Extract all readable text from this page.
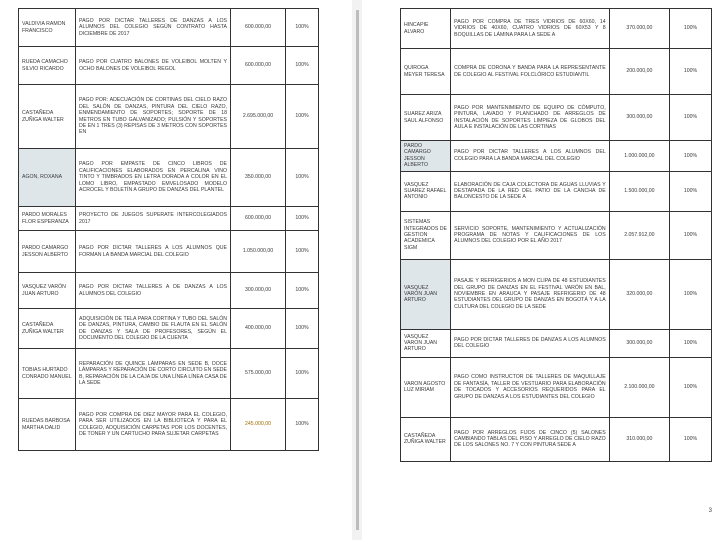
VALDIVIA RAMON FRANCISCO	PAGO POR DICTAR TALLERES DE DANZAS A LOS ALUMNOS DEL COLEGIO SEGÚN CONTRATO HASTA DICIEMBRE DE 2017	600.000,00	100%
RUEDA CAMACHO SILVIO RICARDO	PAGO POR CUATRO BALONES DE VOLEIBOL MOLTEN Y OCHO BALONES DE VOLEIBOL REGOL	600.000,00	100%
CASTAÑEDA ZUÑIGA WALTER	PAGO POR: ADECUACIÓN DE CORTINAS DEL CIELO RAZO DEL SALÓN DE DANZAS, PINTURA DEL CIELO RAZO, ENMENDAMIENTO DE SOPORTES; SOPORTE DE 18 METROS EN TUBO GALVANIZADO; PULSIÓN Y SOPORTES DE EN 1 TRES (3) REPISAS DE 3 METROS CON SOPORTES EN	2.695.000,00	100%
AGON, ROXANA	PAGO POR EMPASTE DE CINCO LIBROS DE CALIFICACIONES ELABORADOS EN PERCALINA VINO TINTO Y TIMBRADOS EN LETRA DORADA A COLOR EN EL LOMO LIBRO, EMPASTADO EMVELOSADO MODELO ACROCEL Y BOLETÍN A GRUPO DE DANZAS DEL PLANTEL	350.000,00	100%
PARDO MORALES FLOR ESPERANZA	PROYECTO DE JUEGOS SUPERATE INTERCOLEGIADOS 2017	600.000,00	100%
PARDO CAMARGO JESSON ALBERTO	PAGO POR DICTAR TALLERES A LOS ALUMNOS QUE FORMAN LA BANDA MARCIAL DEL COLEGIO	1.050.000,00	100%
VASQUEZ VARÓN JUAN ARTURO	PAGO POR DICTAR TALLERES A DE DANZAS A LOS ALUMNOS DEL COLEGIO	300.000,00	100%
CASTAÑEDA ZUÑIGA WALTER	ADQUISICIÓN DE TELA PARA CORTINA Y TUBO DEL SALÓN DE DANZAS, PINTURA, CAMBIO DE FLAUTA EN EL SALÓN DE DANZAS Y SALA DE PROFESORES, SEGÚN EL DOCUMENTO DEL COLEGIO DE LA CUENTA	400.000,00	100%
TOBIAS HURTADO CONRADO MANUEL	REPARACIÓN DE QUINCE LÁMPARAS EN SEDE B, DOCE LÁMPARAS Y REPARACIÓN DE CORTO CIRCUITO EN SEDE B, REPARACIÓN DE LA CAJA DE UNA LÍNEA LÍNEA CASA DE LA SEDE	575.000,00	100%
RUEDAS BARBOSA MARTHA DALID	PAGO POR COMPRA DE DIEZ MAYOR PARA EL COLEGIO, PARA SER UTILIZADOS EN LA BIBLIOTECA Y PARA EL COLEGIO, ADQUISICIÓN CARPETAS POR LOS DOCENTES, DE TONER Y UN CARTUCHO PARA SUJETAR CARPETAS	245.000,00	100%
HINCAPIE ALVARO	PAGO POR COMPRA DE TRES VIDRIOS DE 60X60, 14 VIDRIOS DE 40X60, CUATRO VIDRIOS DE 60X53 Y 8 BOQUILLAS DE LÁMINA PARA LA SEDE A	370.000,00	100%
QUIROGA MEYER TERESA	COMPRA DE CORONA Y BANDA PARA LA REPRESENTANTE DE COLEGIO AL FESTIVAL FOLCLÓRICO ESTUDIANTIL	200.000,00	100%
SUAREZ ARIZA SAUL ALFONSO	PAGO POR MANTENIMIENTO DE EQUIPO DE CÓMPUTO, PINTURA, LAVADO Y PLANCHADO DE ARREGLOS DE INSTALACIÓN DE SOPORTES LIMPIEZA DE GLOBOS DEL AULA E INSTALACIÓN DE LAS CORTINAS	300.000,00	100%
PARDO CAMARGO JESSON ALBERTO	PAGO POR DICTAR TALLERES A LOS ALUMNOS DEL COLEGIO PARA LA BANDA MARCIAL DEL COLEGIO	1.000.000,00	100%
VASQUEZ SUAREZ RAFAEL ANTONIO	ELABORACIÓN DE CAJA COLECTORA DE AGUAS LLUVIAS Y DESTAPADA DE LA RED DEL PATIO DE LA CANCHA DE BALONCESTO DE LA SEDE A	1.500.000,00	100%
SISTEMAS INTEGRADOS DE GESTION ACADEMICA SIGM	SERVICIO SOPORTE, MANTENIMIENTO Y ACTUALIZACIÓN PROGRAMA DE NOTAS Y CALIFICACIONES DE LOS ALUMNOS DEL COLEGIO POR EL AÑO 2017	2.057.912,00	100%
VASQUEZ VARÓN JUAN ARTURO	PASAJE Y REFRIGERIOS A MON CLIPA DE 48 ESTUDIANTES DEL GRUPO DE DANZAS EN EL FESTIVAL VARÓN EN BAL, NOVIEMBRE EN ARAUCA Y PASAJE REFRIGERIO DE 48 ESTUDIANTES DEL GRUPO DE DANZAS EN BOGOTÁ Y A LA CULTURA DEL COLEGIO DE LA SEDE	320.000,00	100%
VASQUEZ VARON JUAN ARTURO	PAGO POR DICTAR TALLERES DE DANZAS A LOS ALUMNOS DEL COLEGIO	300.000,00	100%
VARON AGOSTO LUZ MIRIAM	PAGO COMO INSTRUCTOR DE TALLERES DE MAQUILLAJE DE FANTASÍA, TALLER DE VESTUARIO PARA ELABORACIÓN DE TOCADOS Y ACCESORIOS REQUERIDOS PARA EL GRUPO DE DANZAS A LOS ESTUDIANTES DEL COLEGIO	2.100.000,00	100%
CASTAÑEDA ZUÑIGA WALTER	PAGO POR ARREGLOS FIJOS DE CINCO (5) SALONES CAMBIANDO TABLAS DEL PISO Y ARREGLO DE CIELO RAZO DE LOS SALONES NO. 7 Y CON PINTURA SEDE A	310.000,00	100%
3
